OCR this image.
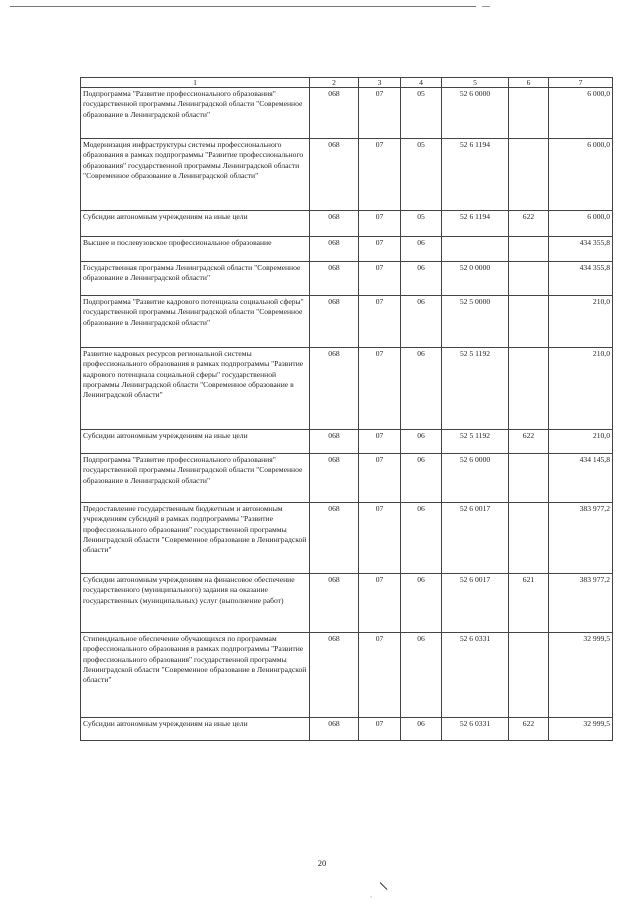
1	2	3	4	5	6	7
Подпрограмма "Развитие профессионального образования" государственной программы Ленинградской области "Современное образование в Ленинградской области"	068	07	05	52 6 0000		6 000,0
Модернизация инфраструктуры системы профессионального образования в рамках подпрограммы "Развитие профессионального образования" государственной программы Ленинградской области "Современное образование в Ленинградской области"	068	07	05	52 6 1194		6 000,0
Субсидии автономным учреждениям на иные цели	068	07	05	52 6 1194	622	6 000,0
Высшее и послевузовское профессиональное образование	068	07	06			434 355,8
Государственная программа Ленинградской области "Современное образование в Ленинградской области"	068	07	06	52 0 0000		434 355,8
Подпрограмма "Развитие кадрового потенциала социальной сферы" государственной программы Ленинградской области "Современное образование в Ленинградской области"	068	07	06	52 5 0000		210,0
Развитие кадровых ресурсов региональной системы профессионального образования в рамках подпрограммы "Развитие кадрового потенциала социальной сферы" государственной программы Ленинградской области "Современное образование в Ленинградской области"	068	07	06	52 5 1192		210,0
Субсидии автономным учреждениям на иные цели	068	07	06	52 5 1192	622	210,0
Подпрограмма "Развитие профессионального образования" государственной программы Ленинградской области "Современное образование в Ленинградской области"	068	07	06	52 6 0000		434 145,8
Предоставление государственным бюджетным и автономным учреждениям субсидий в рамках подпрограммы "Развитие профессионального образования" государственной программы Ленинградской области "Современное образование в Ленинградской области"	068	07	06	52 6 0017		383 977,2
Субсидии автономным учреждениям на финансовое обеспечение государственного (муниципального) задания на оказание государственных (муниципальных) услуг (выполнение работ)	068	07	06	52 6 0017	621	383 977,2
Стипендиальное обеспечение обучающихся по программам профессионального образования в рамках подпрограммы "Развитие профессионального образования" государственной программы Ленинградской области "Современное образование в Ленинградской области"	068	07	06	52 6 0331		32 999,5
Субсидии автономным учреждениям на иные цели	068	07	06	52 6 0331	622	32 999,5
20
ˎ
